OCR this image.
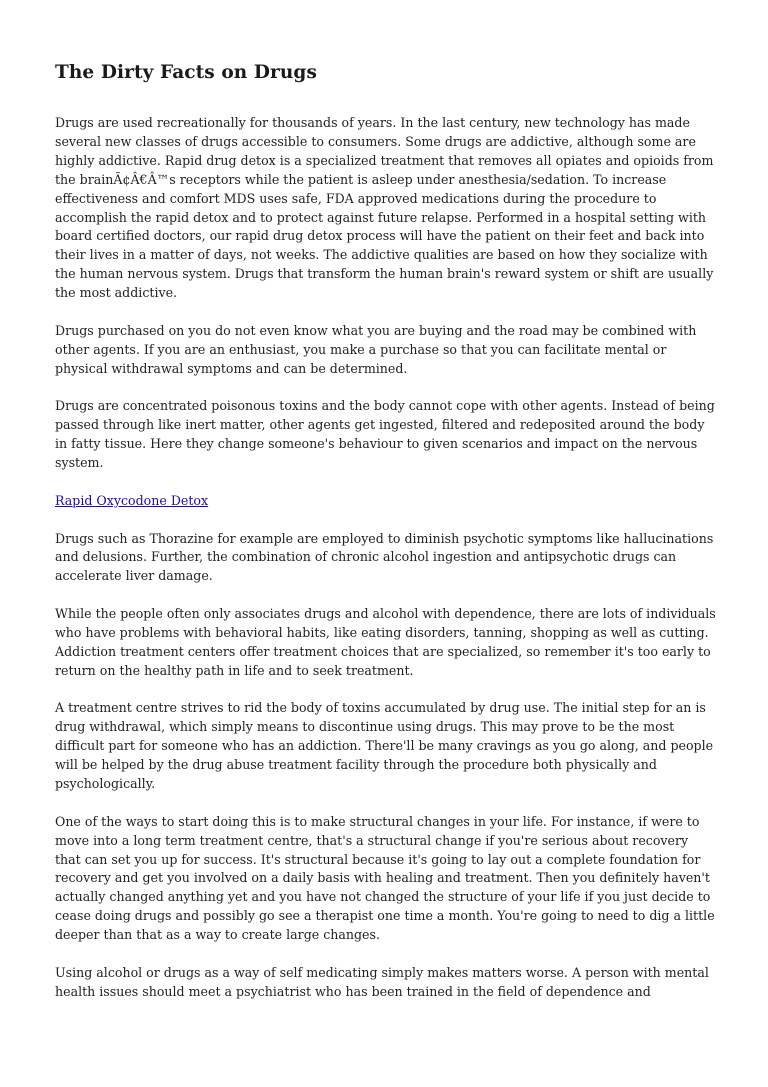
The Dirty Facts on Drugs

Drugs are used recreationally for thousands of years. In the last century, new technology has made several new classes of drugs accessible to consumers. Some drugs are addictive, although some are highly addictive. Rapid drug detox is a specialized treatment that removes all opiates and opioids from the brainÃ¢Â€Â™s receptors while the patient is asleep under anesthesia/sedation. To increase effectiveness and comfort MDS uses safe, FDA approved medications during the procedure to accomplish the rapid detox and to protect against future relapse. Performed in a hospital setting with board certified doctors, our rapid drug detox process will have the patient on their feet and back into their lives in a matter of days, not weeks. The addictive qualities are based on how they socialize with the human nervous system. Drugs that transform the human brain's reward system or shift are usually the most addictive.

Drugs purchased on you do not even know what you are buying and the road may be combined with other agents. If you are an enthusiast, you make a purchase so that you can facilitate mental or physical withdrawal symptoms and can be determined.

Drugs are concentrated poisonous toxins and the body cannot cope with other agents. Instead of being passed through like inert matter, other agents get ingested, filtered and redeposited around the body in fatty tissue. Here they change someone's behaviour to given scenarios and impact on the nervous system.

Rapid Oxycodone Detox

Drugs such as Thorazine for example are employed to diminish psychotic symptoms like hallucinations and delusions. Further, the combination of chronic alcohol ingestion and antipsychotic drugs can accelerate liver damage.

While the people often only associates drugs and alcohol with dependence, there are lots of individuals who have problems with behavioral habits, like eating disorders, tanning, shopping as well as cutting. Addiction treatment centers offer treatment choices that are specialized, so remember it's too early to return on the healthy path in life and to seek treatment.

A treatment centre strives to rid the body of toxins accumulated by drug use. The initial step for an is drug withdrawal, which simply means to discontinue using drugs. This may prove to be the most difficult part for someone who has an addiction. There'll be many cravings as you go along, and people will be helped by the drug abuse treatment facility through the procedure both physically and psychologically.

One of the ways to start doing this is to make structural changes in your life. For instance, if were to move into a long term treatment centre, that's a structural change if you're serious about recovery that can set you up for success. It's structural because it's going to lay out a complete foundation for recovery and get you involved on a daily basis with healing and treatment. Then you definitely haven't actually changed anything yet and you have not changed the structure of your life if you just decide to cease doing drugs and possibly go see a therapist one time a month. You're going to need to dig a little deeper than that as a way to create large changes.

Using alcohol or drugs as a way of self medicating simply makes matters worse. A person with mental health issues should meet a psychiatrist who has been trained in the field of dependence and
